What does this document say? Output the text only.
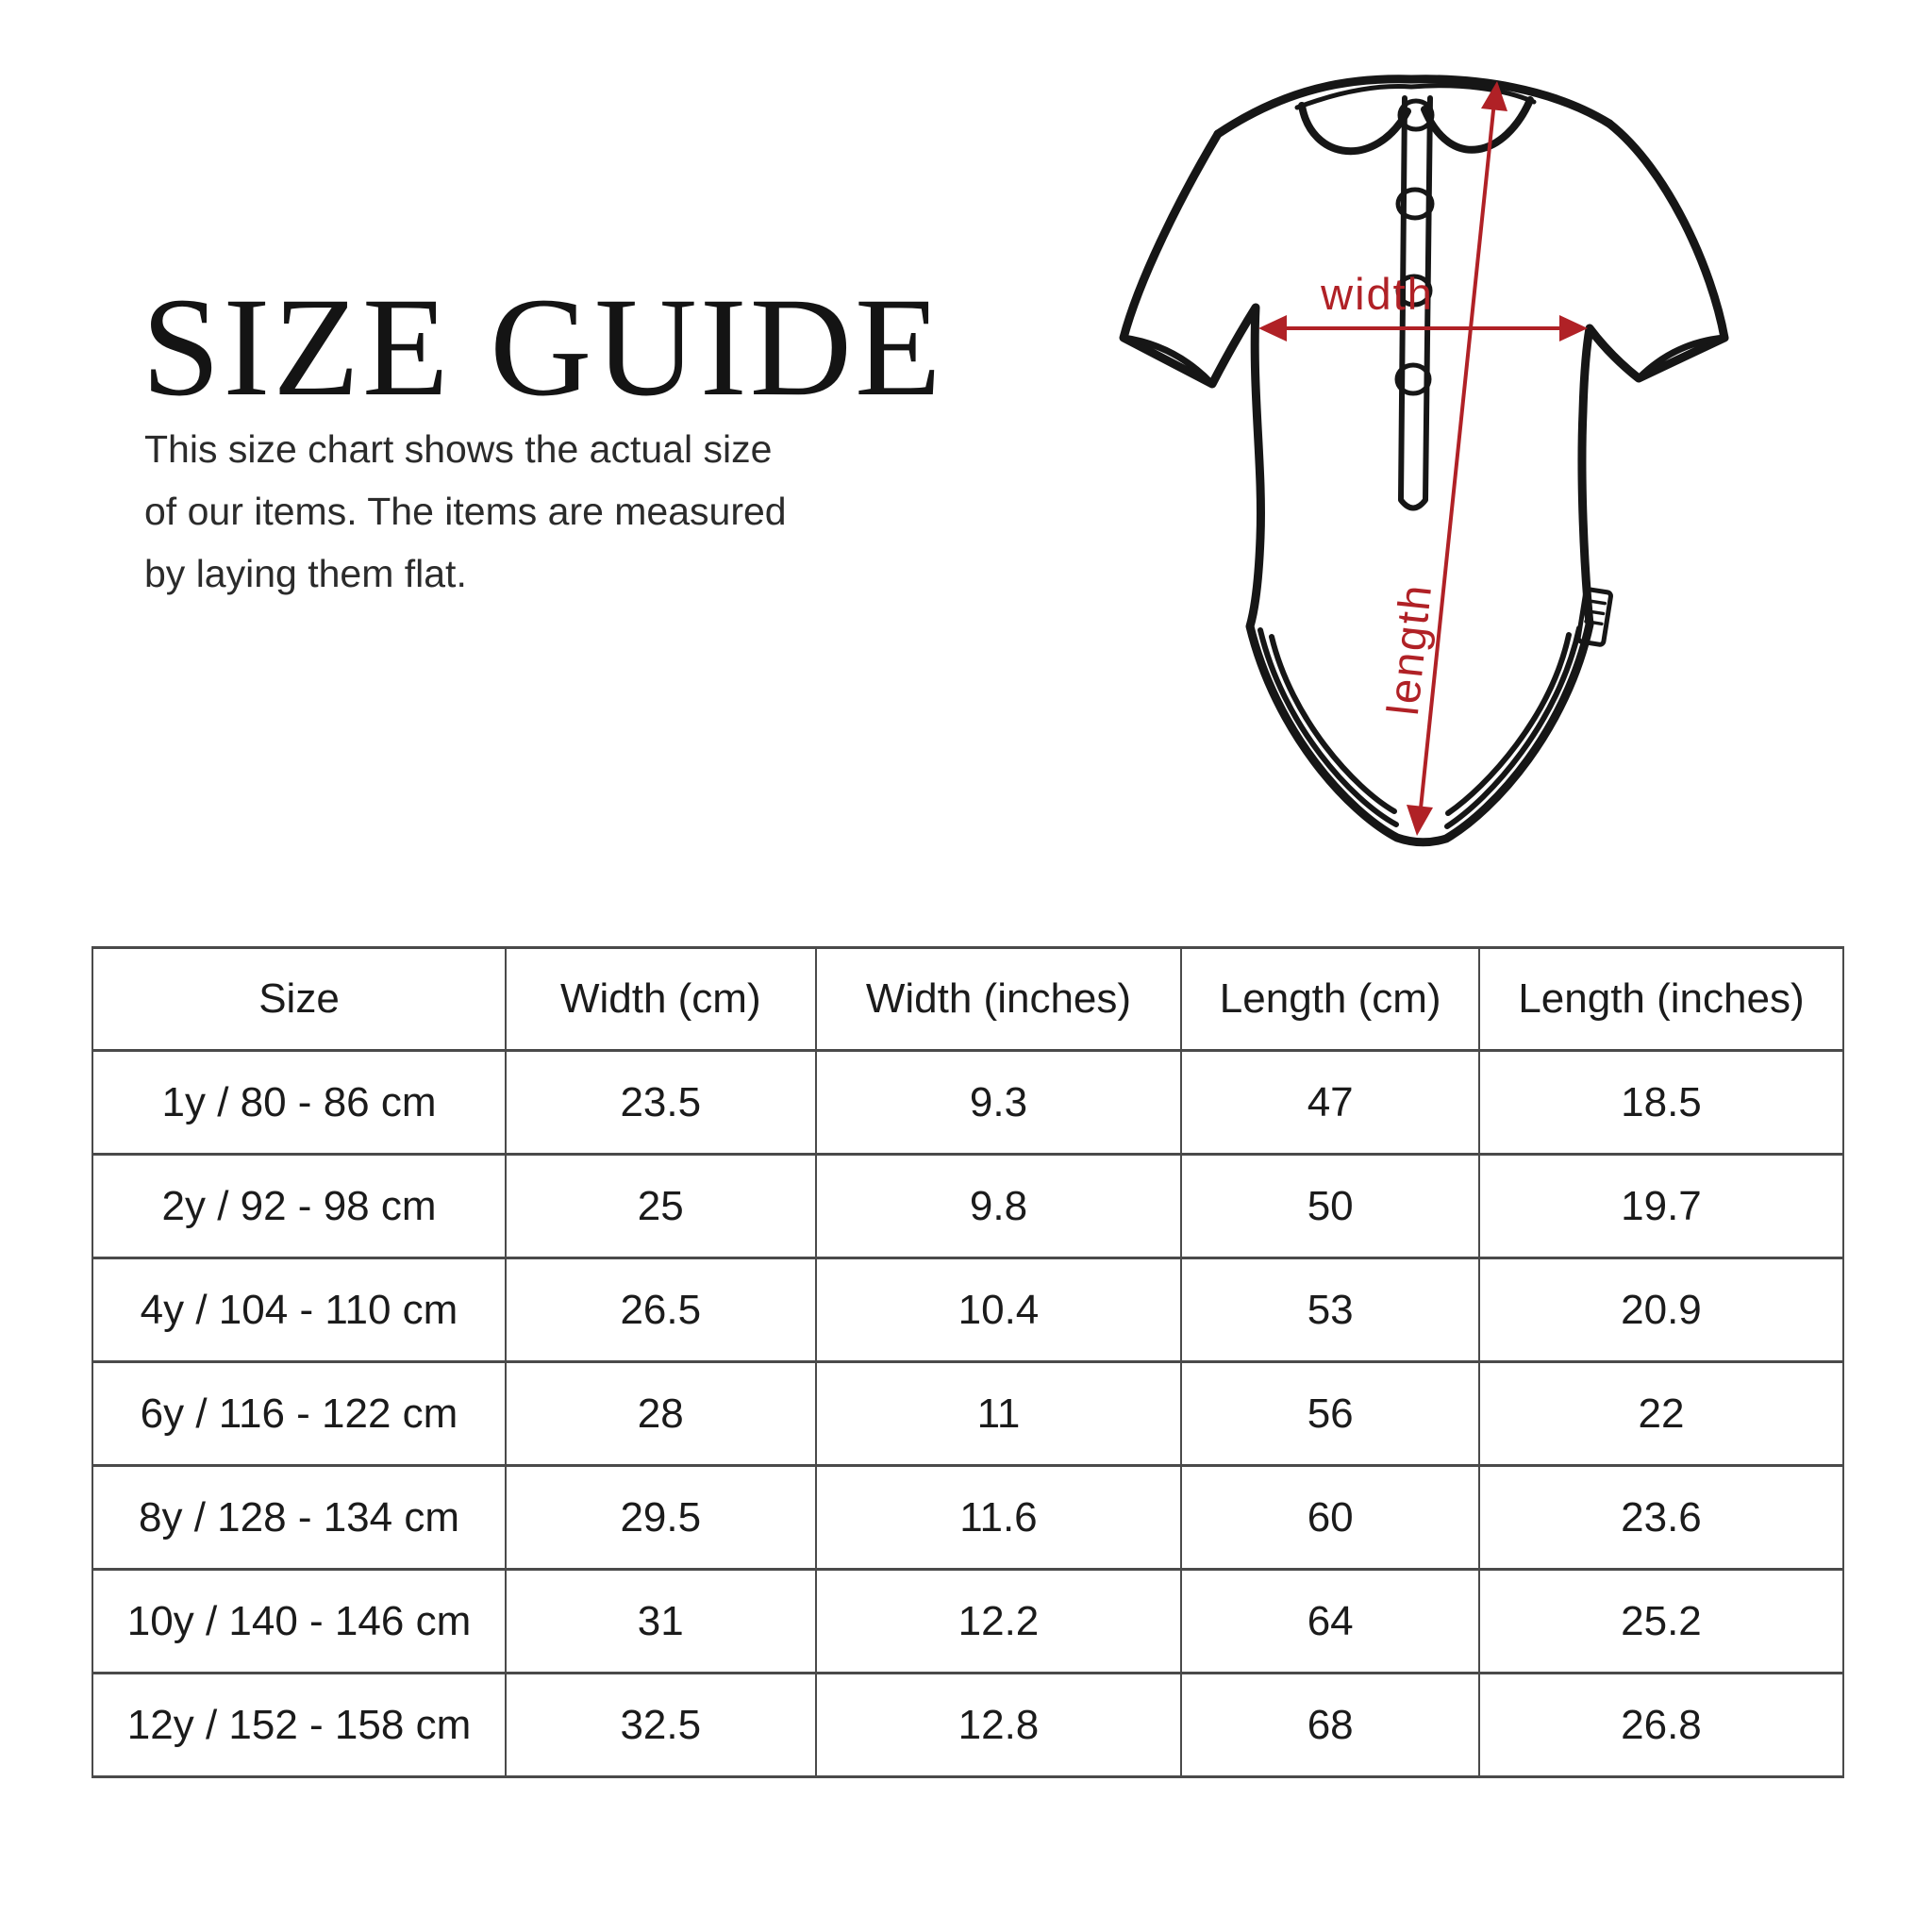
SIZE GUIDE

This size chart shows the actual size of our items. The items are measured by laying them flat.

width
length
Size	Width (cm)	Width (inches)	Length (cm)	Length (inches)
1y / 80 - 86 cm	23.5	9.3	47	18.5
2y / 92 - 98 cm	25	9.8	50	19.7
4y / 104 - 110 cm	26.5	10.4	53	20.9
6y / 116 - 122 cm	28	11	56	22
8y / 128 - 134 cm	29.5	11.6	60	23.6
10y / 140 - 146 cm	31	12.2	64	25.2
12y / 152 - 158 cm	32.5	12.8	68	26.8
